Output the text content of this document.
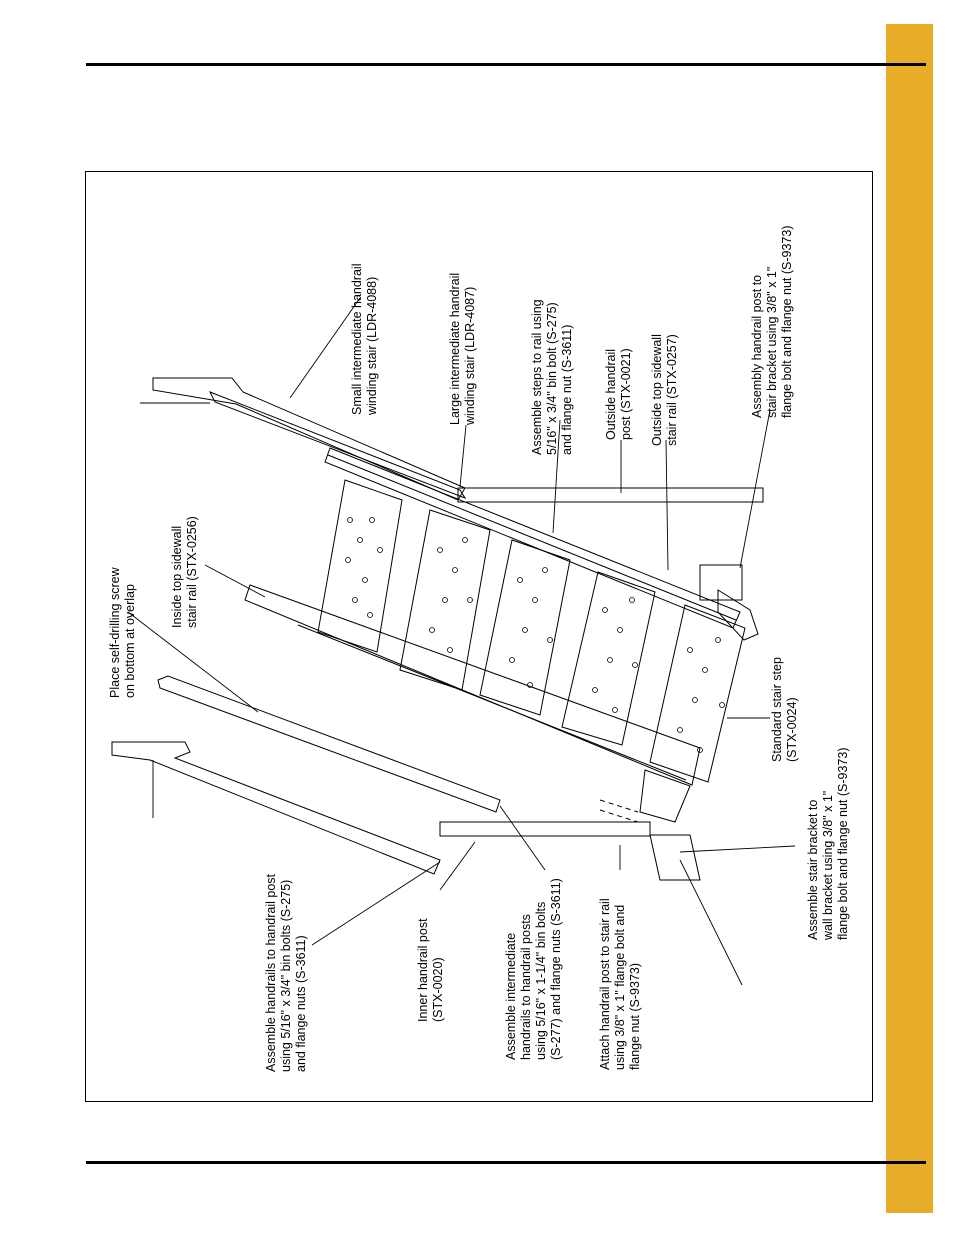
Place self-drilling screw on bottom at overlap
Inside top sidewall stair rail (STX-0256)
Small intermediate handrail winding stair (LDR-4088)	Large intermediate handrail winding stair (LDR-4087)	Assemble steps to rail using 5/16" x 3/4" bin bolt (S-275) and flange nut (S-3611) Outside handrail post (STX-0021) Outside top sidewall stair rail (STX-0257)	Assembly handrail post to stair bracket using 3/8" x 1" flange bolt and flange nut (S-9373)
Standard stair step (STX-0024)
Assemble stair bracket to wall bracket using 3/8" x 1" flange bolt and flange nut (S-9373)
Attach handrail post to stair rail using 3/8" x 1" flange bolt and flange nut (S-9373)
Assemble intermediate handrails to handrail posts using 5/16" x 1-1/4" bin bolts (S-277) and flange nuts (S-3611)
Inner handrail post (STX-0020)
Assemble handrails to handrail post using 5/16" x 3/4" bin bolts (S-275) and flange nuts (S-3611)
